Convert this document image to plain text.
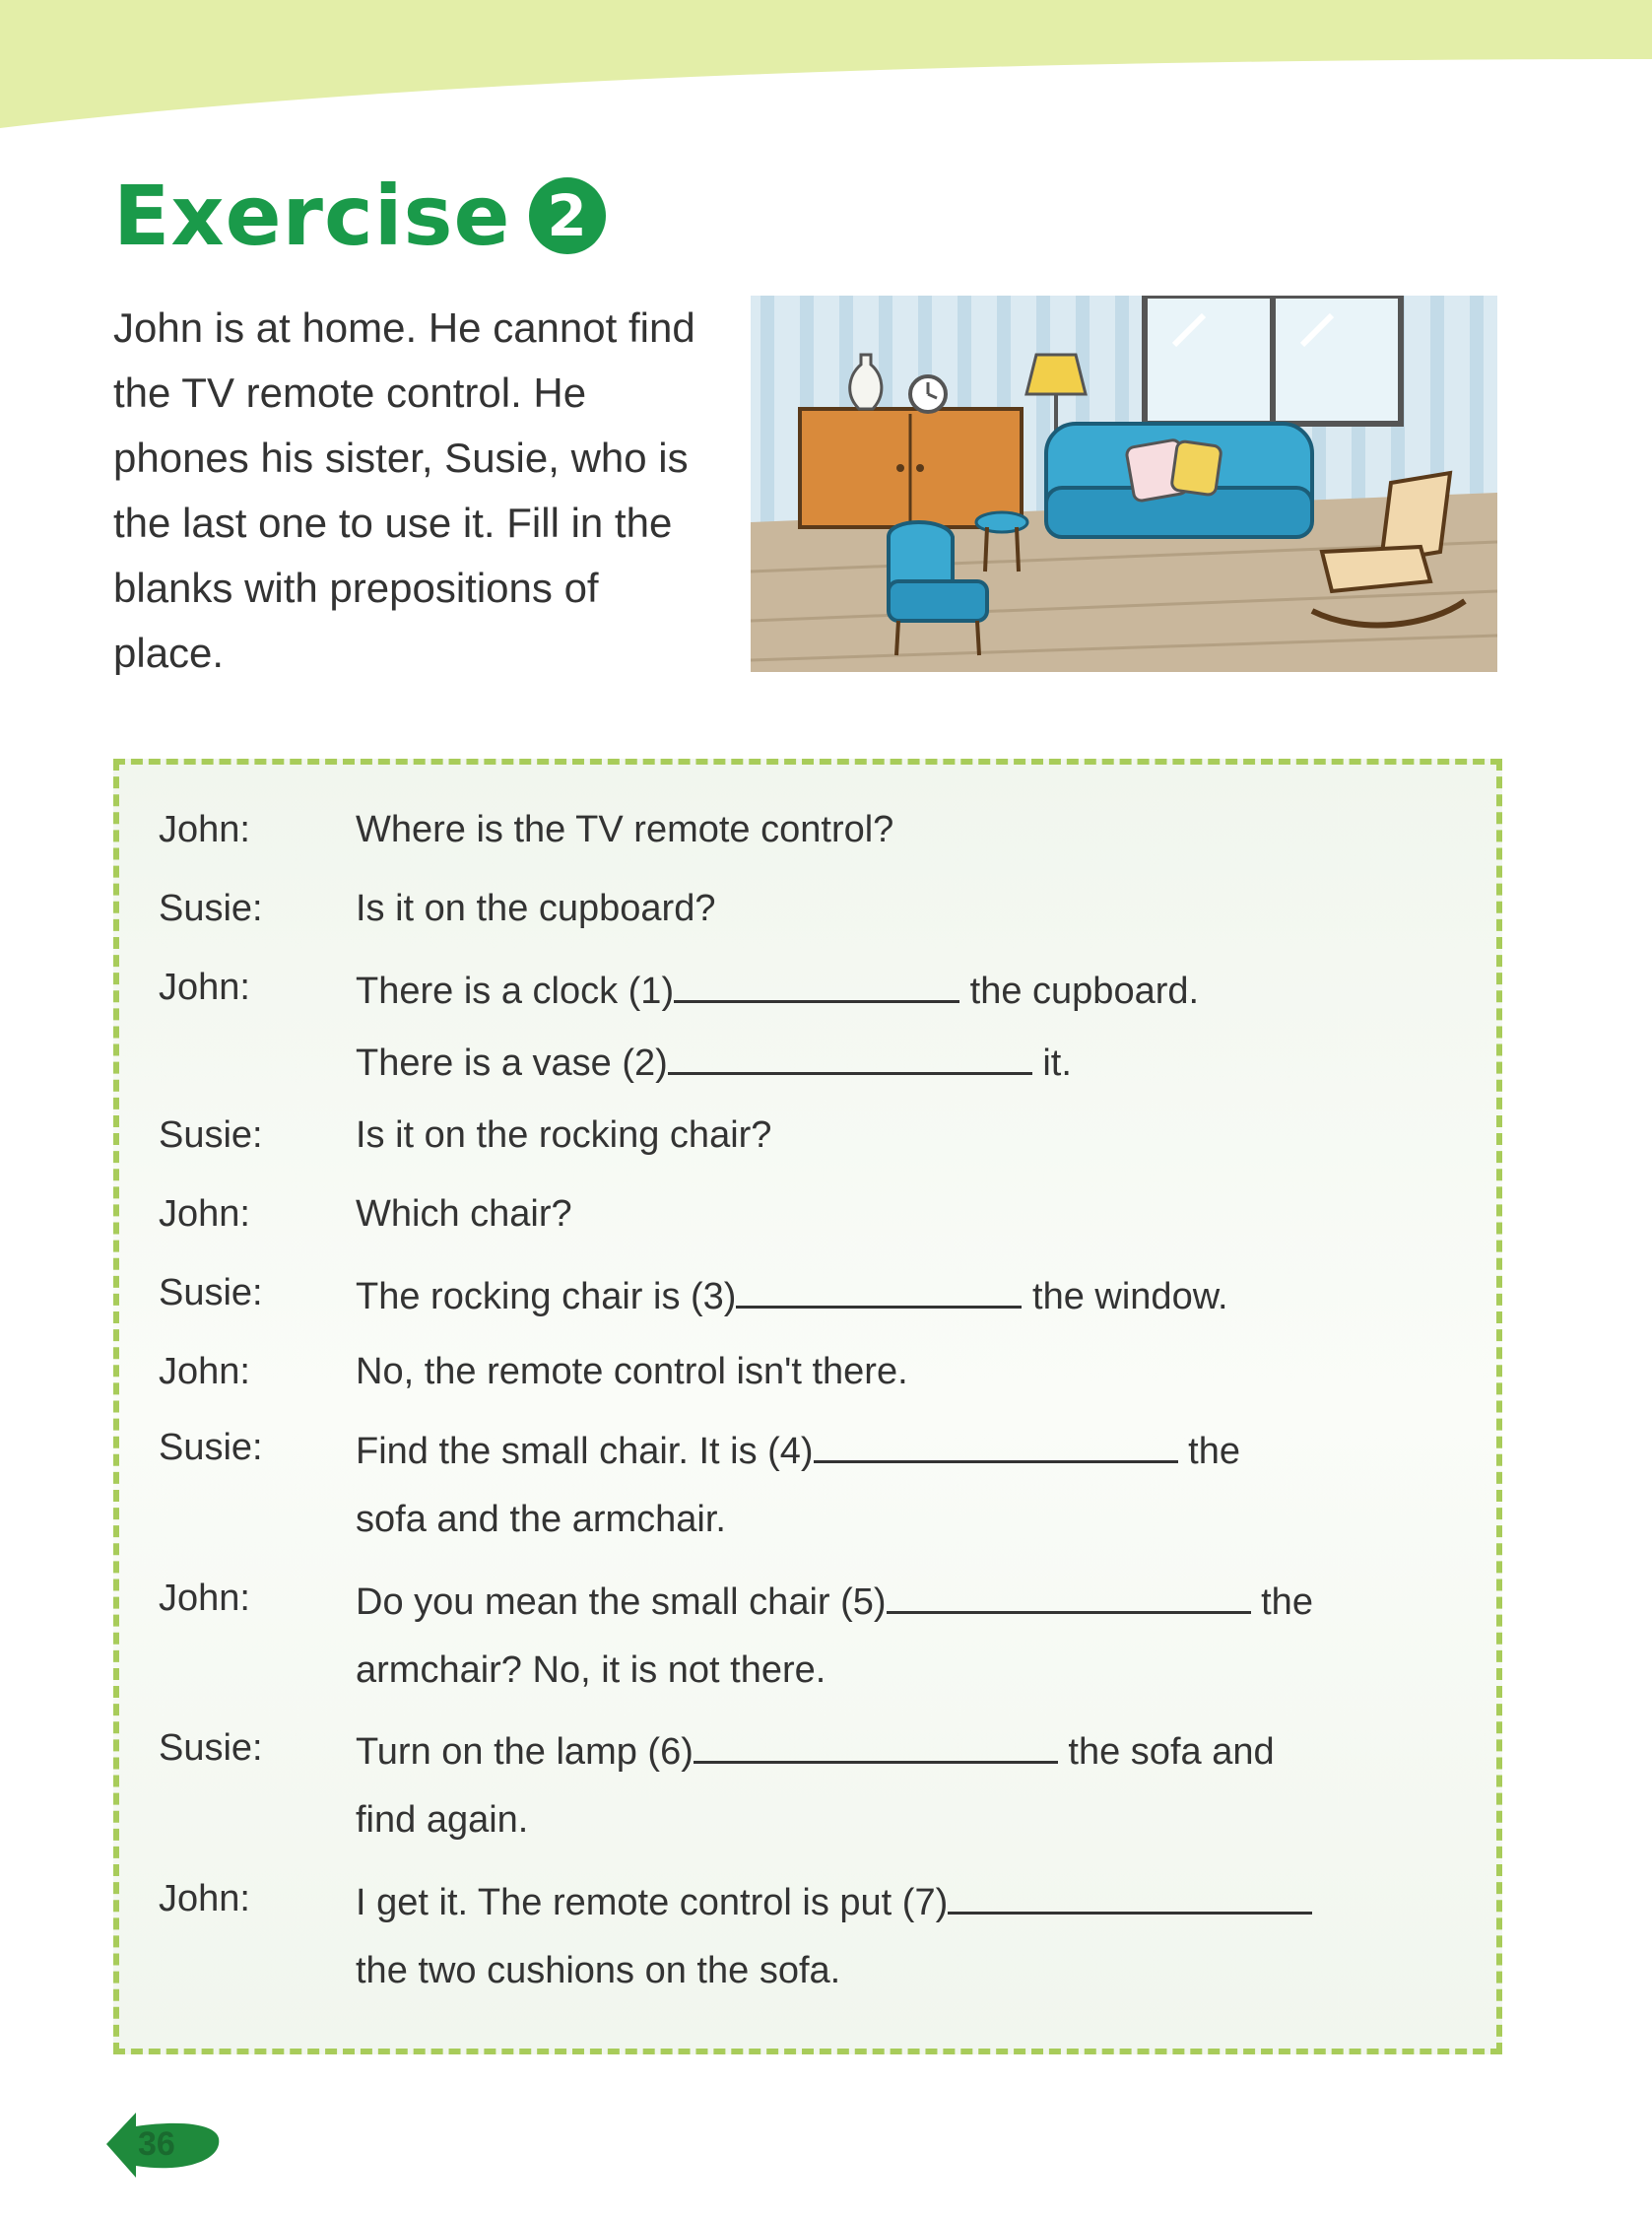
Exercise 2
John is at home. He cannot find the TV remote control. He phones his sister, Susie, who is the last one to use it. Fill in the blanks with prepositions of place.
John:	Where is the TV remote control?
Susie:	Is it on the cupboard?
John:	There is a clock (1)	the cupboard.
There is a vase (2)	it.
Susie:	Is it on the rocking chair?
John:	Which chair?
Susie:	The rocking chair is (3)	the window.
John:	No, the remote control isn't there.
Susie:	Find the small chair. It is (4)	the
sofa and the armchair.
John:	Do you mean the small chair (5)	the
armchair? No, it is not there.
Susie:	Turn on the lamp (6)	the sofa and
find again.
John:	I get it. The remote control is put (7)
the two cushions on the sofa.
36
